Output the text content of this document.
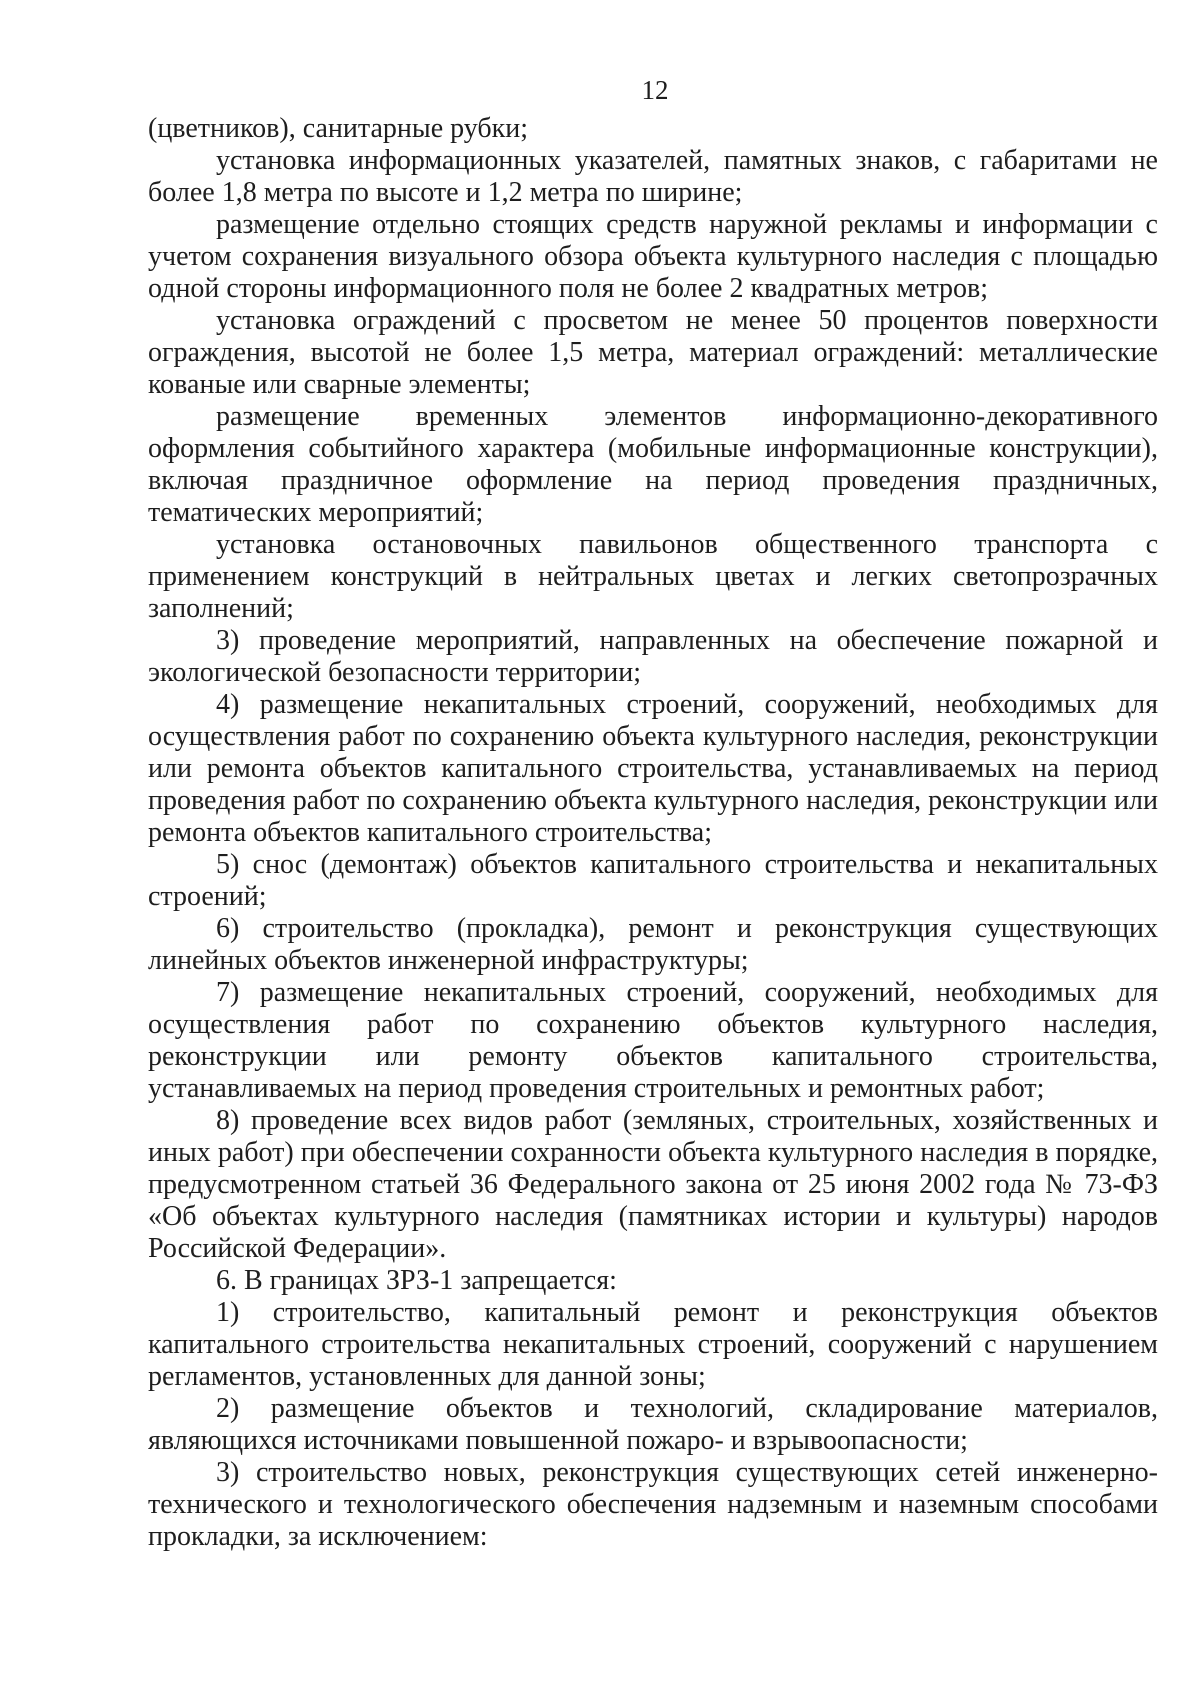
12

(цветников), санитарные рубки;

установка информационных указателей, памятных знаков, с габаритами не более 1,8 метра по высоте и 1,2 метра по ширине;

размещение отдельно стоящих средств наружной рекламы и информации с учетом сохранения визуального обзора объекта культурного наследия с площадью одной стороны информационного поля не более 2 квадратных метров;

установка ограждений с просветом не менее 50 процентов поверхности ограждения, высотой не более 1,5 метра, материал ограждений: металлические кованые или сварные элементы;

размещение временных элементов информационно-декоративного оформления событийного характера (мобильные информационные конструкции), включая праздничное оформление на период проведения праздничных, тематических мероприятий;

установка остановочных павильонов общественного транспорта с применением конструкций в нейтральных цветах и легких светопрозрачных заполнений;

3) проведение мероприятий, направленных на обеспечение пожарной и экологической безопасности территории;

4) размещение некапитальных строений, сооружений, необходимых для осуществления работ по сохранению объекта культурного наследия, реконструкции или ремонта объектов капитального строительства, устанавливаемых на период проведения работ по сохранению объекта культурного наследия, реконструкции или ремонта объектов капитального строительства;

5) снос (демонтаж) объектов капитального строительства и некапитальных строений;

6) строительство (прокладка), ремонт и реконструкция существующих линейных объектов инженерной инфраструктуры;

7) размещение некапитальных строений, сооружений, необходимых для осуществления работ по сохранению объектов культурного наследия, реконструкции или ремонту объектов капитального строительства, устанавливаемых на период проведения строительных и ремонтных работ;

8) проведение всех видов работ (земляных, строительных, хозяйственных и иных работ) при обеспечении сохранности объекта культурного наследия в порядке, предусмотренном статьей 36 Федерального закона от 25 июня 2002 года № 73-ФЗ «Об объектах культурного наследия (памятниках истории и культуры) народов Российской Федерации».

6. В границах ЗРЗ-1 запрещается:

1) строительство, капитальный ремонт и реконструкция объектов капитального строительства некапитальных строений, сооружений с нарушением регламентов, установленных для данной зоны;

2) размещение объектов и технологий, складирование материалов, являющихся источниками повышенной пожаро- и взрывоопасности;

3) строительство новых, реконструкция существующих сетей инженерно-технического и технологического обеспечения надземным и наземным способами прокладки, за исключением:
